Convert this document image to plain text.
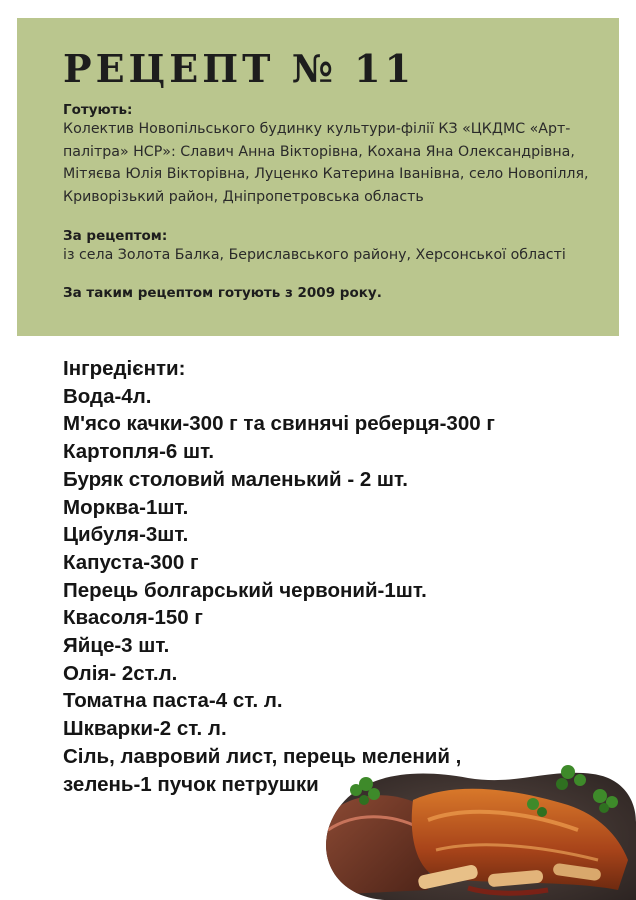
РЕЦЕПТ № 11
Готують:
Колектив Новопільського будинку культури-філії КЗ «ЦКДМС «Арт-палітра» НСР»: Славич Анна Вікторівна, Кохана Яна Олександрівна, Мітяєва Юлія Вікторівна, Луценко Катерина Іванівна, село Новопілля, Криворізький район, Дніпропетровська область
За рецептом:
із села Золота Балка, Бериславського району, Херсонської області
За таким рецептом готують з 2009 року.
Інгредієнти:
Вода-4л.
М'ясо качки-300 г та свинячі реберця-300 г
Картопля-6 шт.
Буряк столовий маленький - 2 шт.
Морква-1шт.
Цибуля-3шт.
Капуста-300 г
Перець болгарський червоний-1шт.
Квасоля-150 г
Яйце-3 шт.
Олія- 2ст.л.
Томатна паста-4 ст. л.
Шкварки-2 ст. л.
Сіль, лавровий лист, перець мелений ,
зелень-1 пучок петрушки
